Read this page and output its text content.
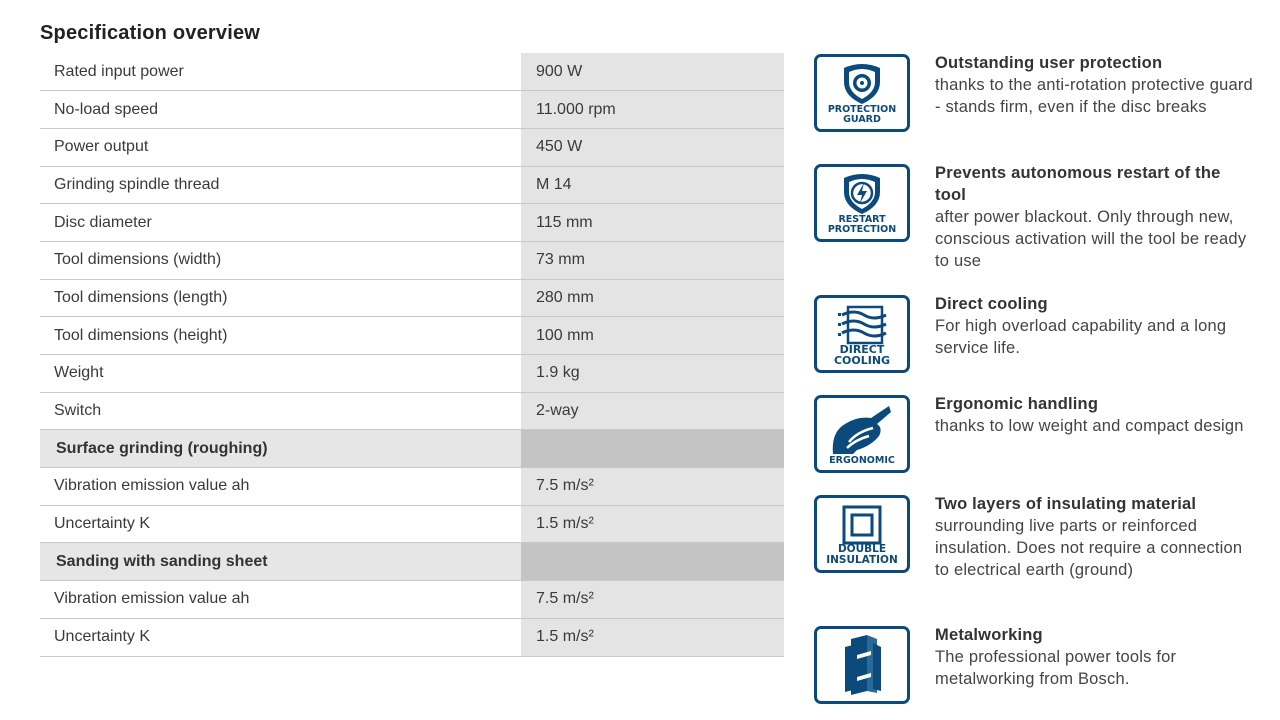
Specification overview
Rated input power	900 W
No-load speed	11.000 rpm
Power output	450 W
Grinding spindle thread	M 14
Disc diameter	115 mm
Tool dimensions (width)	73 mm
Tool dimensions (length)	280 mm
Tool dimensions (height)	100 mm
Weight	1.9 kg
Switch	2-way
Surface grinding (roughing)	
Vibration emission value ah	7.5 m/s²
Uncertainty K	1.5 m/s²
Sanding with sanding sheet	
Vibration emission value ah	7.5 m/s²
Uncertainty K	1.5 m/s²
PROTECTION
GUARD
Outstanding user protection
thanks to the anti-rotation protective guard - stands firm, even if the disc breaks
RESTART
PROTECTION
Prevents autonomous restart of the tool
after power blackout. Only through new, conscious activation will the tool be ready to use
DIRECT
COOLING
Direct cooling
For high overload capability and a long service life.
ERGONOMIC
Ergonomic handling
thanks to low weight and compact design
DOUBLE
INSULATION
Two layers of insulating material
surrounding live parts or reinforced insulation. Does not require a connection to electrical earth (ground)
Metalworking
The professional power tools for metalworking from Bosch.
